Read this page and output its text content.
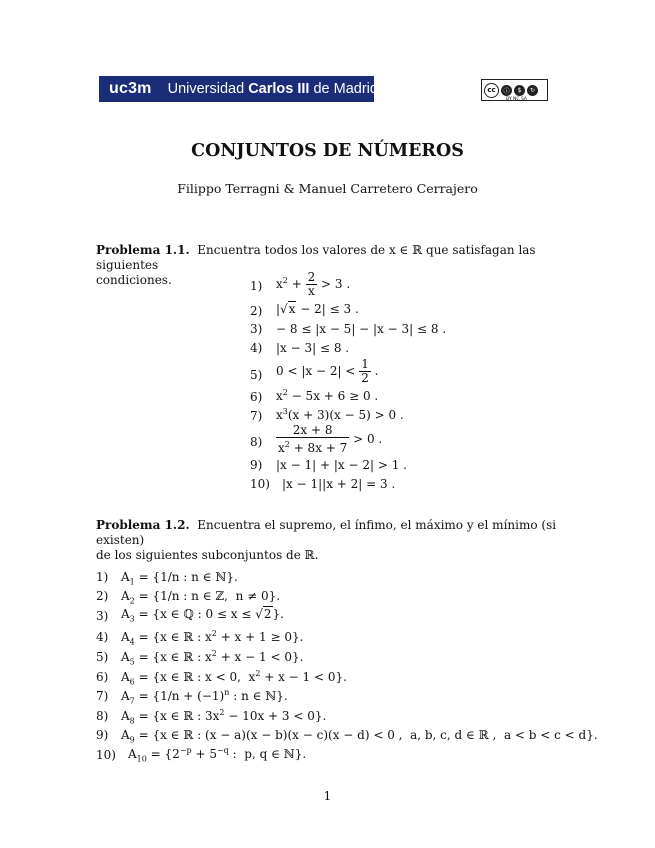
uc3m	Universidad Carlos III de Madrid	cc	ⓘ	$	↻
BY NC SA
CONJUNTOS DE NÚMEROS
Filippo Terragni & Manuel Carretero Cerrajero
Problema 1.1. Encuentra todos los valores de x ∈ ℝ que satisfagan las siguientes
condiciones.	1) $x^2 + \frac{2}{x} > 3$ .
2) |√x − 2| ≤ 3 .
3) − 8 ≤ |x − 5| − |x − 3| ≤ 8 .
4) |x − 3| ≤ 8 .
5) $0 < |x - 2| < \frac{1}{2}$ .
6) $x^2 - 5x + 6 \ge 0$ .
7) $x^3(x + 3)(x - 5) > 0$ .
$8) \frac{2x + 8}{x^2 + 8x + 7} > 0$ .
9) |x − 1| + |x − 2| > 1 .
10) |x − 1||x + 2| = 3 .
Problema 1.2. Encuentra el supremo, el ínfimo, el máximo y el mínimo (si existen)
de los siguientes subconjuntos de ℝ.
1) $A_1 = \{1/n$ : n ∈ ℕ}.
2) $A_2 = \{1/n$ : n ∈ ℤ,  n ≠ 0}.
3) $A_3 = \{x$ ∈ ℚ : 0 ≤ x ≤ √2}.
4) $A_4 = \{x$ ∈ ℝ : $x^2 + x + 1 \ge 0$}.
5) $A_5 = \{x$ ∈ ℝ : $x^2 + x - 1 < 0$}.
6) $A_6 = \{x$ ∈ ℝ : x < 0,  $x^2 + x - 1 < 0$}.
7) $A_7 = \{1/n + (-1)^n$ : n ∈ ℕ}.
8) $A_8 = \{x$ ∈ ℝ : $3x^2 - 10x + 3 < 0$}.
9) $A_9 = \{x$ ∈ ℝ : (x − a)(x − b)(x − c)(x − d) < 0 ,  a, b, c, d ∈ ℝ ,  a < b < c < d}.
10) $A_{10} = \{2^{-p} + 5^{-q}$ :  p, q ∈ ℕ}.
1
